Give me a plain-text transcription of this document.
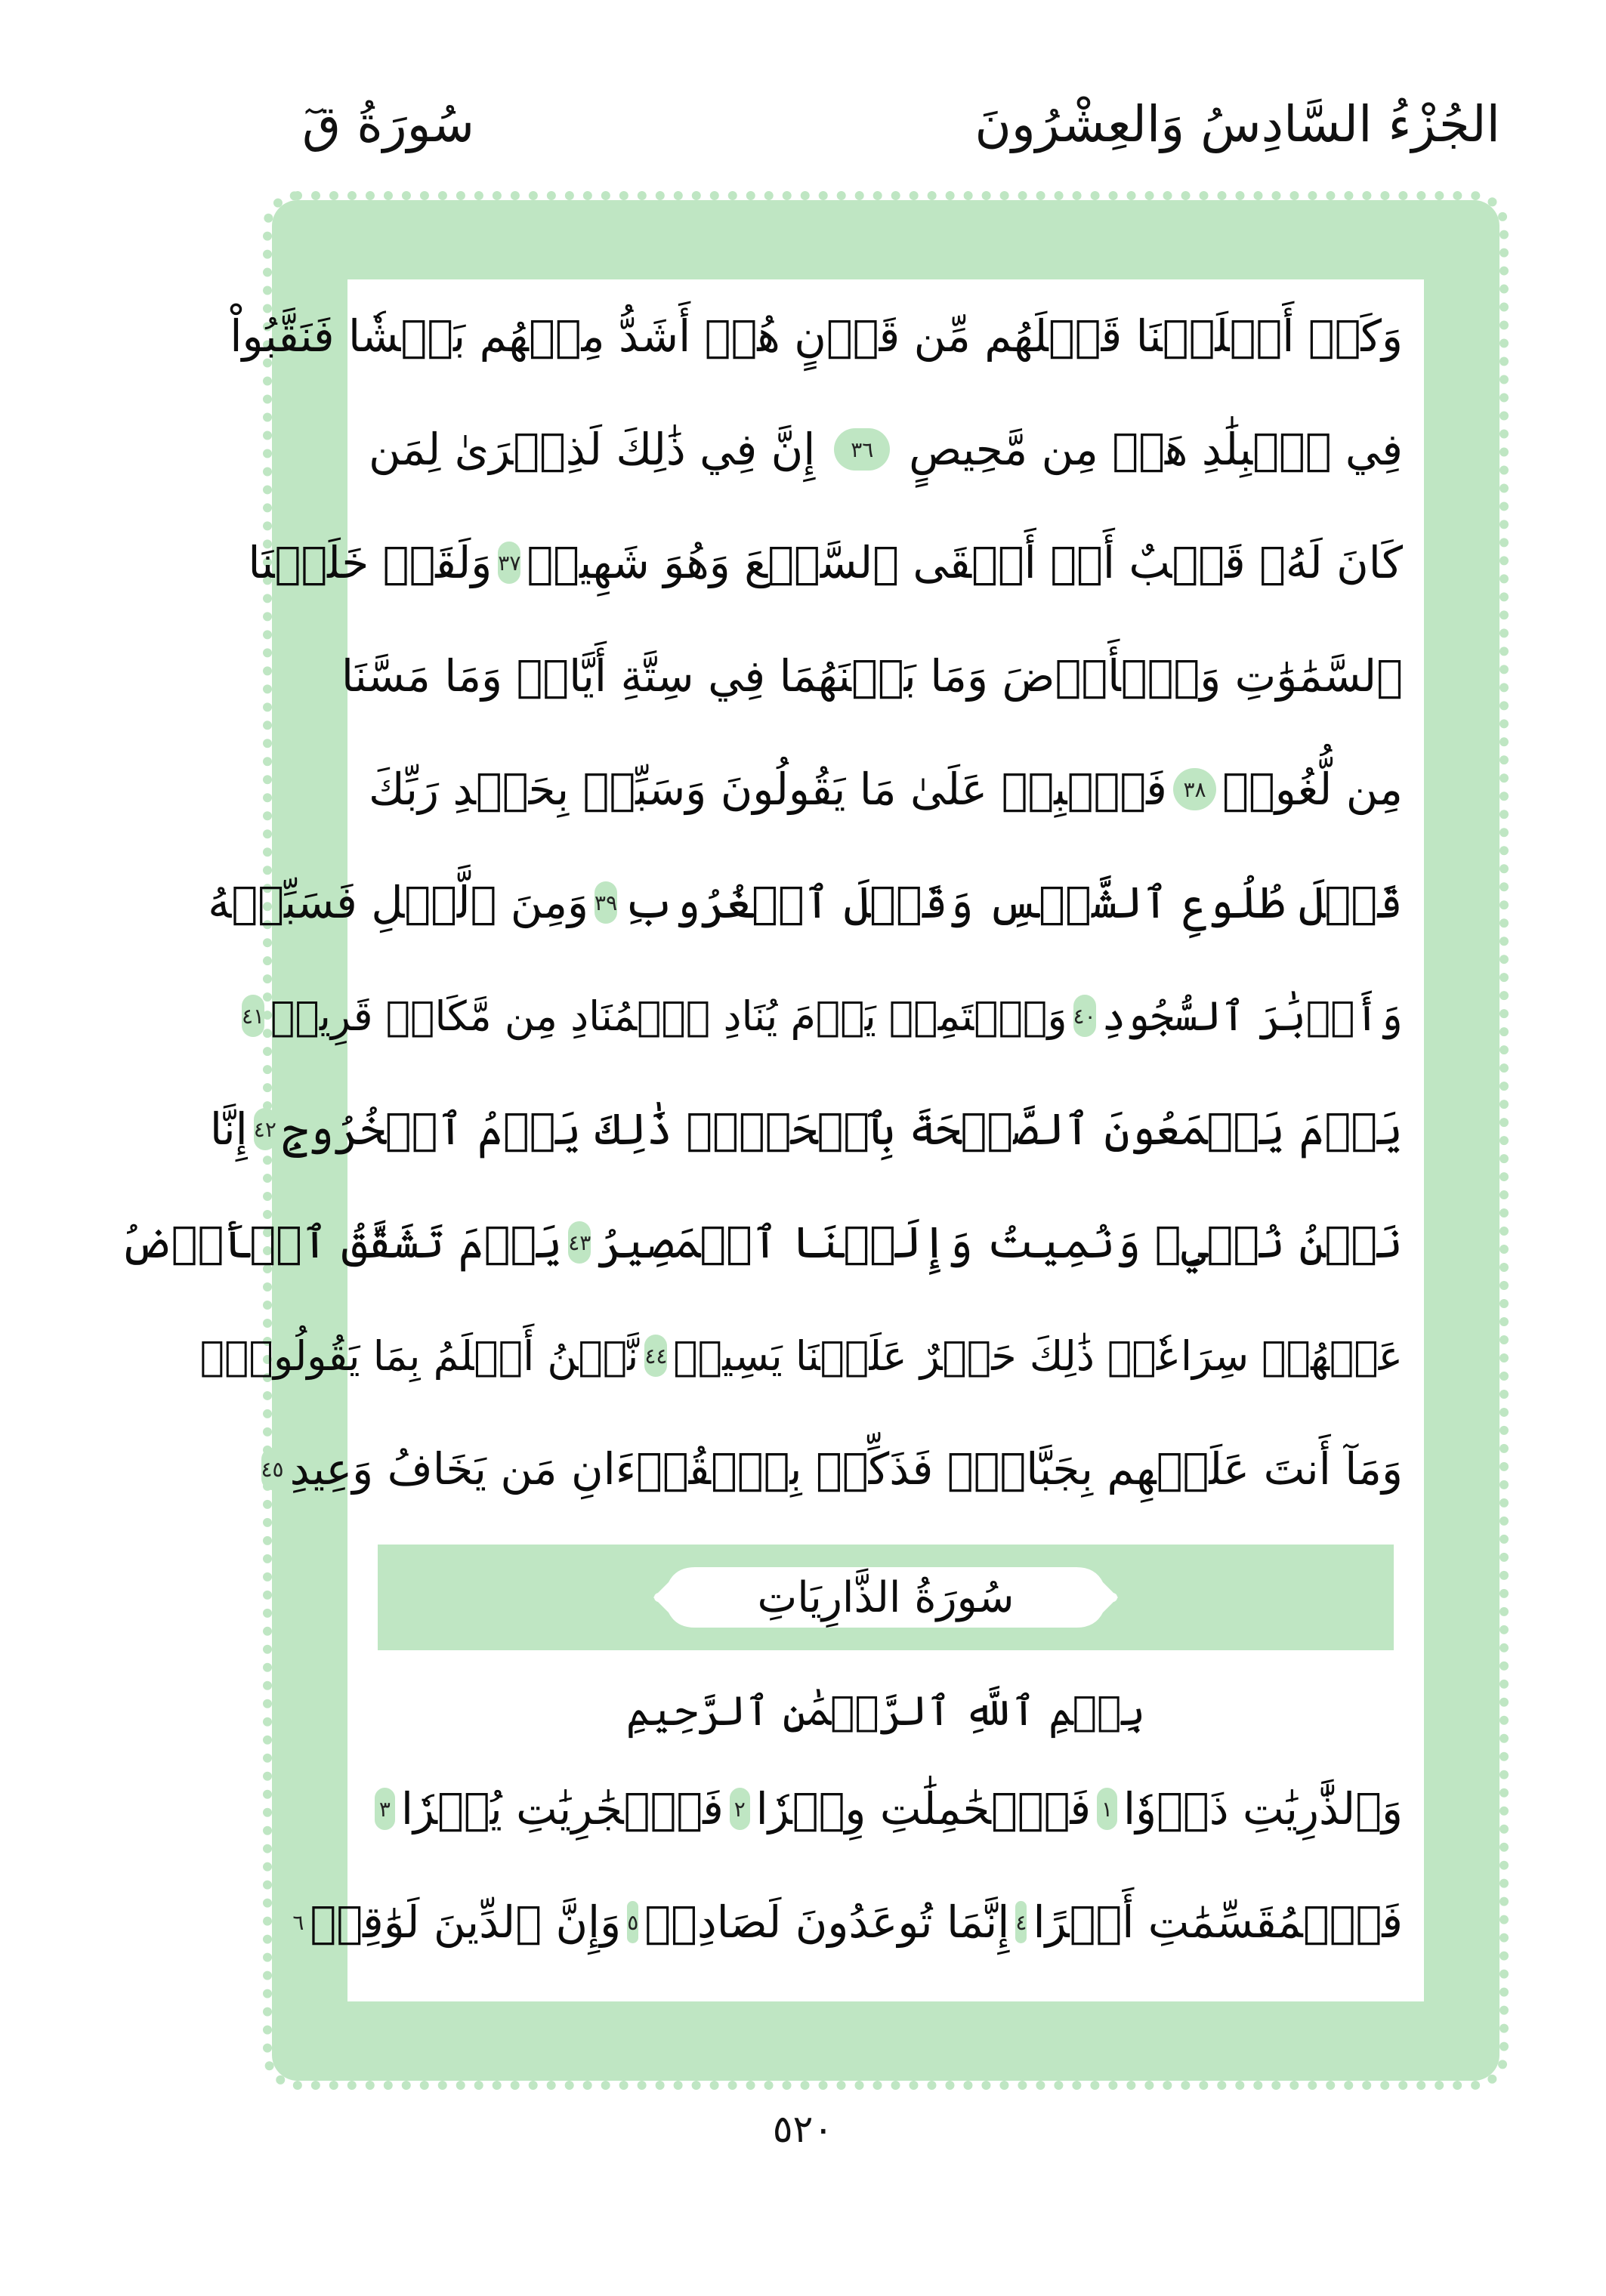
الجُزْءُ السَّادِسُ وَالعِشْرُونَ
سُورَةُ قٓ
وَكَمۡ أَهۡلَكۡنَا قَبۡلَهُم مِّن قَرۡنٍ هُمۡ أَشَدُّ مِنۡهُم بَطۡشٗا فَنَقَّبُواْ
فِي ٱلۡبِلَٰدِ هَلۡ مِن مَّحِيصٍ
٣٦
إِنَّ فِي ذَٰلِكَ لَذِكۡرَىٰ لِمَن
كَانَ لَهُۥ قَلۡبٌ أَوۡ أَلۡقَى ٱلسَّمۡعَ وَهُوَ شَهِيدٞ
٣٧
وَلَقَدۡ خَلَقۡنَا
ٱلسَّمَٰوَٰتِ وَٱلۡأَرۡضَ وَمَا بَيۡنَهُمَا فِي سِتَّةِ أَيَّامٖ وَمَا مَسَّنَا
مِن لُّغُوبٖ
٣٨
فَٱصۡبِرۡ عَلَىٰ مَا يَقُولُونَ وَسَبِّحۡ بِحَمۡدِ رَبِّكَ
قَبۡلَ طُلُوعِ ٱلشَّمۡسِ وَقَبۡلَ ٱلۡغُرُوبِ
٣٩
وَمِنَ ٱلَّيۡلِ فَسَبِّحۡهُ
وَأَدۡبَٰرَ ٱلسُّجُودِ
٤٠
وَٱسۡتَمِعۡ يَوۡمَ يُنَادِ ٱلۡمُنَادِ مِن مَّكَانٖ قَرِيبٖ
٤١
يَوۡمَ يَسۡمَعُونَ ٱلصَّيۡحَةَ بِٱلۡحَقِّۚ ذَٰلِكَ يَوۡمُ ٱلۡخُرُوجِ
٤٢
إِنَّا
نَحۡنُ نُحۡيِۦ وَنُمِيتُ وَإِلَيۡنَا ٱلۡمَصِيرُ
٤٣
يَوۡمَ تَشَقَّقُ ٱلۡأَرۡضُ
عَنۡهُمۡ سِرَاعٗاۚ ذَٰلِكَ حَشۡرٌ عَلَيۡنَا يَسِيرٞ
٤٤
نَّحۡنُ أَعۡلَمُ بِمَا يَقُولُونَۖ
وَمَآ أَنتَ عَلَيۡهِم بِجَبَّارٖۖ فَذَكِّرۡ بِٱلۡقُرۡءَانِ مَن يَخَافُ وَعِيدِ
٤٥
سُورَةُ الذَّارِيَاتِ
بِسۡمِ ٱللَّهِ ٱلرَّحۡمَٰنِ ٱلرَّحِيمِ
وَٱلذَّٰرِيَٰتِ ذَرۡوٗا
١
فَٱلۡحَٰمِلَٰتِ وِقۡرٗا
٢
فَٱلۡجَٰرِيَٰتِ يُسۡرٗا
٣
فَٱلۡمُقَسِّمَٰتِ أَمۡرًا
٤
إِنَّمَا تُوعَدُونَ لَصَادِقٞ
٥
وَإِنَّ ٱلدِّينَ لَوَٰقِعٞ
٦
٥٢٠
